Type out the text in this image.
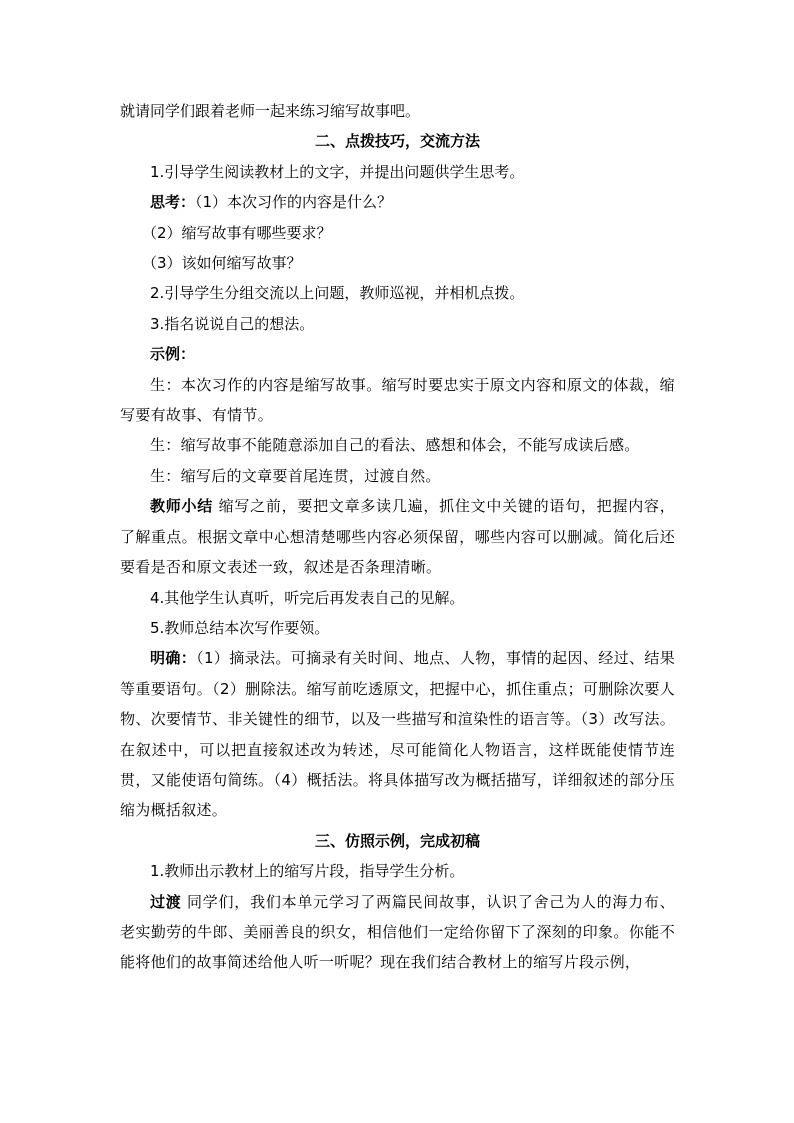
就请同学们跟着老师一起来练习缩写故事吧。

二、点拨技巧，交流方法

1.引导学生阅读教材上的文字，并提出问题供学生思考。

思考：（1）本次习作的内容是什么？

（2）缩写故事有哪些要求？

（3）该如何缩写故事？

2.引导学生分组交流以上问题，教师巡视，并相机点拨。

3.指名说说自己的想法。

示例：

生：本次习作的内容是缩写故事。缩写时要忠实于原文内容和原文的体裁，缩写要有故事、有情节。

生：缩写故事不能随意添加自己的看法、感想和体会，不能写成读后感。

生：缩写后的文章要首尾连贯，过渡自然。

教师小结 缩写之前，要把文章多读几遍，抓住文中关键的语句，把握内容，了解重点。根据文章中心想清楚哪些内容必须保留，哪些内容可以删减。简化后还要看是否和原文表述一致，叙述是否条理清晰。

4.其他学生认真听，听完后再发表自己的见解。

5.教师总结本次写作要领。

明确：（1）摘录法。可摘录有关时间、地点、人物，事情的起因、经过、结果等重要语句。（2）删除法。缩写前吃透原文，把握中心，抓住重点；可删除次要人物、次要情节、非关键性的细节，以及一些描写和渲染性的语言等。（3）改写法。在叙述中，可以把直接叙述改为转述，尽可能简化人物语言，这样既能使情节连贯，又能使语句简练。（4）概括法。将具体描写改为概括描写，详细叙述的部分压缩为概括叙述。

三、仿照示例，完成初稿

1.教师出示教材上的缩写片段，指导学生分析。

过渡 同学们，我们本单元学习了两篇民间故事，认识了舍己为人的海力布、老实勤劳的牛郎、美丽善良的织女，相信他们一定给你留下了深刻的印象。你能不能将他们的故事简述给他人听一听呢？现在我们结合教材上的缩写片段示例，
